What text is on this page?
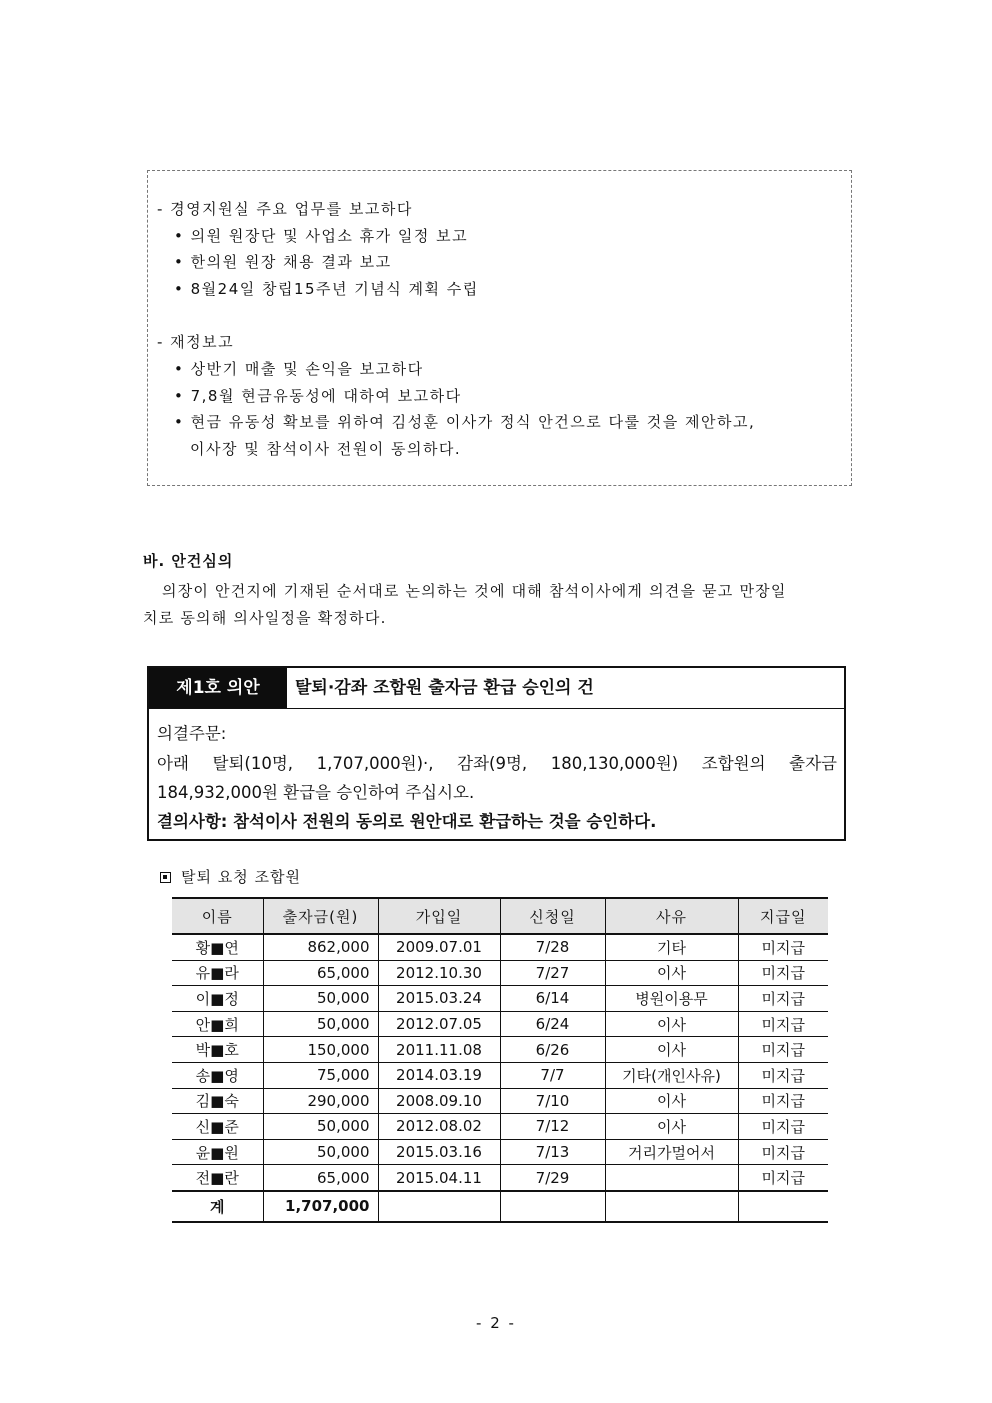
- 경영지원실 주요 업무를 보고하다
• 의원 원장단 및 사업소 휴가 일정 보고
• 한의원 원장 채용 결과 보고
• 8월24일 창립15주년 기념식 계획 수립
- 재정보고
• 상반기 매출 및 손익을 보고하다
• 7,8월 현금유동성에 대하여 보고하다
• 현금 유동성 확보를 위하여 김성훈 이사가 정식 안건으로 다룰 것을 제안하고,
이사장 및 참석이사 전원이 동의하다.
바. 안건심의
의장이 안건지에 기재된 순서대로 논의하는 것에 대해 참석이사에게 의견을 묻고 만장일
치로 동의해 의사일정을 확정하다.
제1호 의안	탈퇴·감좌 조합원 출자금 환급 승인의 건
의결주문:
아래 탈퇴(10명, 1,707,000원)·, 감좌(9명, 180,130,000원) 조합원의 출자금
184,932,000원 환급을 승인하여 주십시오.
결의사항: 참석이사 전원의 동의로 원안대로 환급하는 것을 승인하다.
탈퇴 요청 조합원
이름	출자금(원)	가입일	신청일	사유	지급일
황■연	862,000	2009.07.01	7/28	기타	미지급
유■라	65,000	2012.10.30	7/27	이사	미지급
이■정	50,000	2015.03.24	6/14	병원이용무	미지급
안■희	50,000	2012.07.05	6/24	이사	미지급
박■호	150,000	2011.11.08	6/26	이사	미지급
송■영	75,000	2014.03.19	7/7	기타(개인사유)	미지급
김■숙	290,000	2008.09.10	7/10	이사	미지급
신■준	50,000	2012.08.02	7/12	이사	미지급
윤■원	50,000	2015.03.16	7/13	거리가멀어서	미지급
전■란	65,000	2015.04.11	7/29		미지급
계	1,707,000				
- 2 -
